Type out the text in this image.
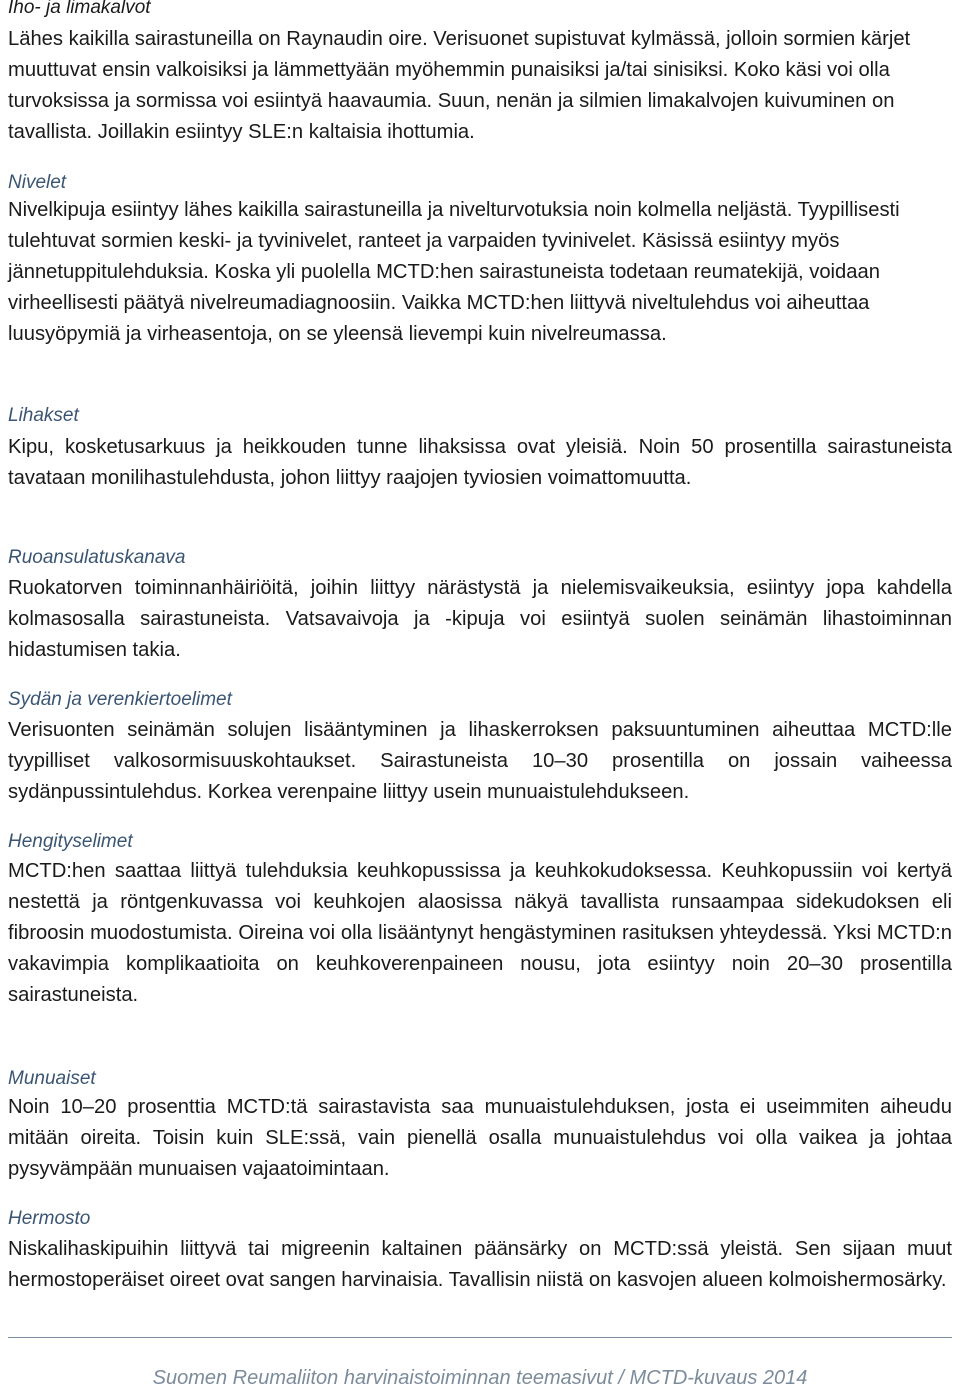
Iho- ja limakalvot

Lähes kaikilla sairastuneilla on Raynaudin oire. Verisuonet supistuvat kylmässä, jolloin sormien kärjet muuttuvat ensin valkoisiksi ja lämmettyään myöhemmin punaisiksi ja/tai sinisiksi. Koko käsi voi olla turvoksissa ja sormissa voi esiintyä haavaumia. Suun, nenän ja silmien limakalvojen kuivuminen on tavallista. Joillakin esiintyy SLE:n kaltaisia ihottumia.

Nivelet

Nivelkipuja esiintyy lähes kaikilla sairastuneilla ja nivelturvotuksia noin kolmella neljästä. Tyypillisesti tulehtuvat sormien keski- ja tyvinivelet, ranteet ja varpaiden tyvinivelet. Käsissä esiintyy myös jännetuppitulehduksia. Koska yli puolella MCTD:hen sairastuneista todetaan reumatekijä, voidaan virheellisesti päätyä nivelreumadiagnoosiin. Vaikka MCTD:hen liittyvä niveltulehdus voi aiheuttaa luusyöpymiä ja virheasentoja, on se yleensä lievempi kuin nivelreumassa.

Lihakset

Kipu, kosketusarkuus ja heikkouden tunne lihaksissa ovat yleisiä. Noin 50 prosentilla sairastuneista tavataan monilihastulehdusta, johon liittyy raajojen tyviosien voimattomuutta.

Ruoansulatuskanava

Ruokatorven toiminnanhäiriöitä, joihin liittyy närästystä ja nielemisvaikeuksia, esiintyy jopa kahdella kolmasosalla sairastuneista. Vatsavaivoja ja -kipuja voi esiintyä suolen seinämän lihastoiminnan hidastumisen takia.

Sydän ja verenkiertoelimet

Verisuonten seinämän solujen lisääntyminen ja lihaskerroksen paksuuntuminen aiheuttaa MCTD:lle tyypilliset valkosormisuuskohtaukset. Sairastuneista 10–30 prosentilla on jossain vaiheessa sydänpussintulehdus. Korkea verenpaine liittyy usein munuaistulehdukseen.

Hengityselimet

MCTD:hen saattaa liittyä tulehduksia keuhkopussissa ja keuhkokudoksessa. Keuhkopussiin voi kertyä nestettä ja röntgenkuvassa voi keuhkojen alaosissa näkyä tavallista runsaampaa sidekudoksen eli fibroosin muodostumista. Oireina voi olla lisääntynyt hengästyminen rasituksen yhteydessä. Yksi MCTD:n vakavimpia komplikaatioita on keuhkoverenpaineen nousu, jota esiintyy noin 20–30 prosentilla sairastuneista.

Munuaiset

Noin 10–20 prosenttia MCTD:tä sairastavista saa munuaistulehduksen, josta ei useimmiten aiheudu mitään oireita. Toisin kuin SLE:ssä, vain pienellä osalla munuaistulehdus voi olla vaikea ja johtaa pysyvämpään munuaisen vajaatoimintaan.

Hermosto

Niskalihaskipuihin liittyvä tai migreenin kaltainen päänsärky on MCTD:ssä yleistä. Sen sijaan muut hermostoperäiset oireet ovat sangen harvinaisia. Tavallisin niistä on kasvojen alueen kolmoishermosärky.

Suomen Reumaliiton harvinaistoiminnan teemasivut / MCTD-kuvaus 2014
